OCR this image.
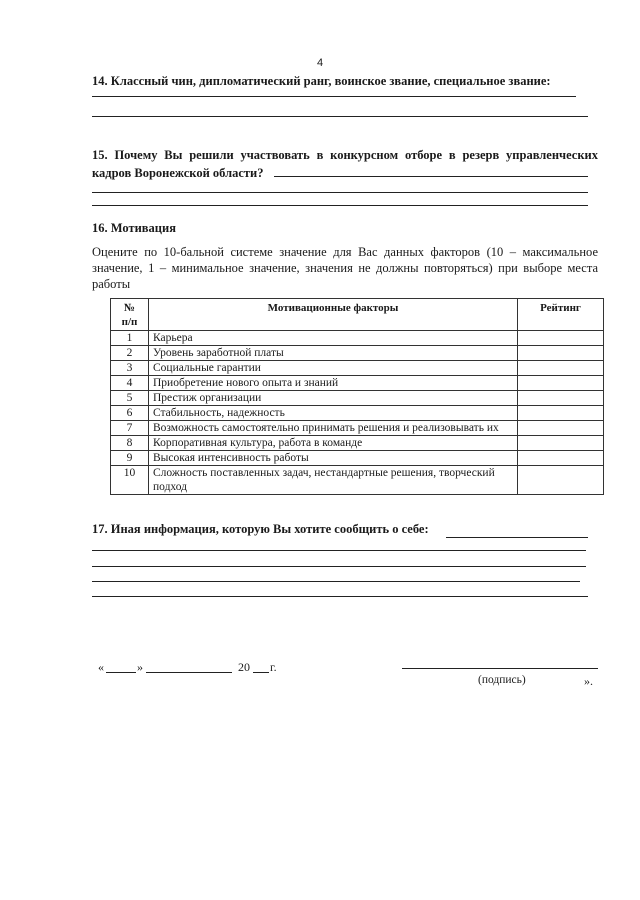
4
14. Классный чин, дипломатический ранг, воинское звание, специальное звание:
15. Почему Вы решили участвовать в конкурсном отборе в резерв управленческих
кадров Воронежской области?
16. Мотивация
Оцените по 10-бальной системе значение для Вас данных факторов (10 – максимальное значение, 1 – минимальное значение, значения не должны повторяться) при выборе места работы
№
п/п	Мотивационные факторы	Рейтинг
1	Карьера	
2	Уровень заработной платы	
3	Социальные гарантии	
4	Приобретение нового опыта и знаний	
5	Престиж организации	
6	Стабильность, надежность	
7	Возможность самостоятельно принимать решения и реализовывать их	
8	Корпоративная культура, работа в команде	
9	Высокая интенсивность работы	
10	Сложность поставленных задач, нестандартные решения, творческий подход	
17. Иная информация, которую Вы хотите сообщить о себе:
«	»	20 г.
(подпись)	».
